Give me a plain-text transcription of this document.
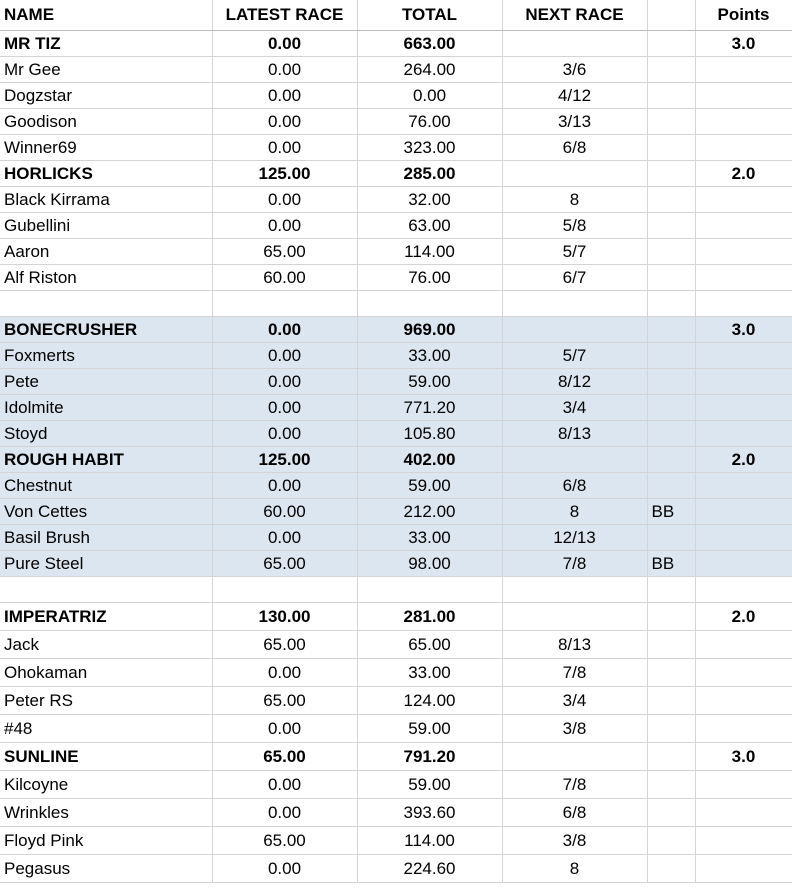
NAME	LATEST RACE	TOTAL	NEXT RACE		Points
MR TIZ	0.00	663.00			3.0
Mr Gee	0.00	264.00	3/6		
Dogzstar	0.00	0.00	4/12		
Goodison	0.00	76.00	3/13		
Winner69	0.00	323.00	6/8		
HORLICKS	125.00	285.00			2.0
Black Kirrama	0.00	32.00	8		
Gubellini	0.00	63.00	5/8		
Aaron	65.00	114.00	5/7		
Alf Riston	60.00	76.00	6/7		

BONECRUSHER	0.00	969.00			3.0
Foxmerts	0.00	33.00	5/7		
Pete	0.00	59.00	8/12		
Idolmite	0.00	771.20	3/4		
Stoyd	0.00	105.80	8/13		
ROUGH HABIT	125.00	402.00			2.0
Chestnut	0.00	59.00	6/8		
Von Cettes	60.00	212.00	8	BB	
Basil Brush	0.00	33.00	12/13		
Pure Steel	65.00	98.00	7/8	BB	

IMPERATRIZ	130.00	281.00			2.0
Jack	65.00	65.00	8/13		
Ohokaman	0.00	33.00	7/8		
Peter RS	65.00	124.00	3/4		
#48	0.00	59.00	3/8		
SUNLINE	65.00	791.20			3.0
Kilcoyne	0.00	59.00	7/8		
Wrinkles	0.00	393.60	6/8		
Floyd Pink	65.00	114.00	3/8		
Pegasus	0.00	224.60	8		
